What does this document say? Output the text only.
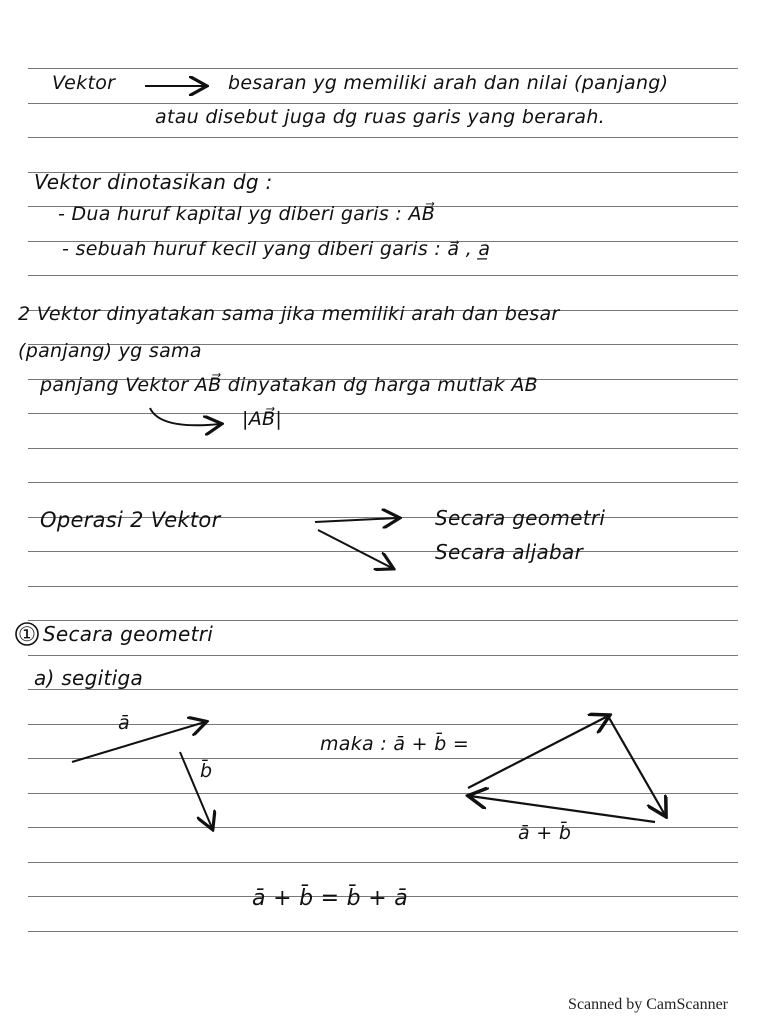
Vektor	besaran yg memiliki arah dan nilai (panjang)
atau disebut juga dg ruas garis yang berarah.
Vektor dinotasikan dg :
- Dua huruf kapital yg diberi garis : AB⃗
- sebuah huruf kecil yang diberi garis : a⃗ , a̲
2 Vektor dinyatakan sama jika memiliki arah dan besar
(panjang) yg sama
panjang Vektor AB⃗ dinyatakan dg harga mutlak AB
|AB⃗|
Operasi 2 Vektor	Secara geometri
Secara aljabar
① Secara geometri
a) segitiga
ā
b̄
maka : ā + b̄ =
ā + b̄
ā + b̄ = b̄ + ā
Scanned by CamScanner
